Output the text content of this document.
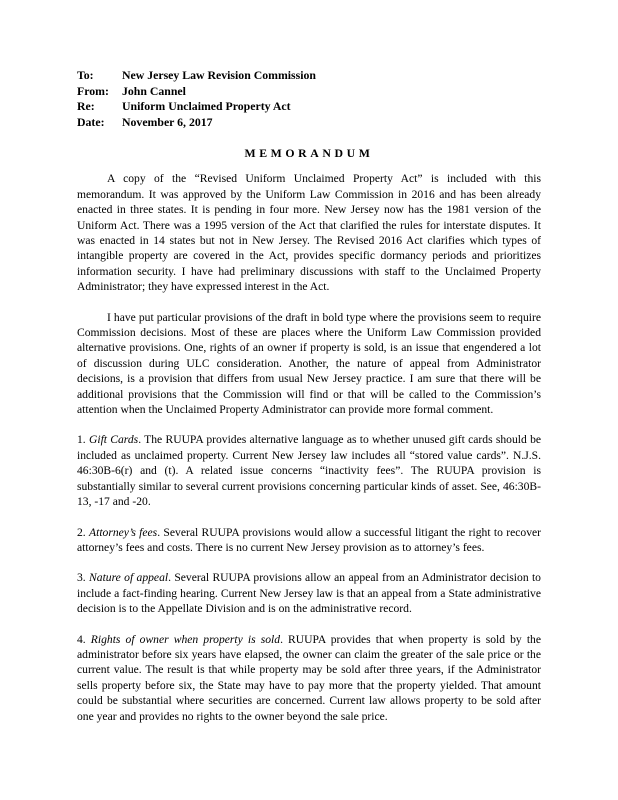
To:	New Jersey Law Revision Commission
From:	John Cannel
Re:	Uniform Unclaimed Property Act
Date:	November 6, 2017
MEMORANDUM

A copy of the “Revised Uniform Unclaimed Property Act” is included with this memorandum. It was approved by the Uniform Law Commission in 2016 and has been already enacted in three states. It is pending in four more. New Jersey now has the 1981 version of the Uniform Act. There was a 1995 version of the Act that clarified the rules for interstate disputes. It was enacted in 14 states but not in New Jersey. The Revised 2016 Act clarifies which types of intangible property are covered in the Act, provides specific dormancy periods and prioritizes information security. I have had preliminary discussions with staff to the Unclaimed Property Administrator; they have expressed interest in the Act.

I have put particular provisions of the draft in bold type where the provisions seem to require Commission decisions. Most of these are places where the Uniform Law Commission provided alternative provisions. One, rights of an owner if property is sold, is an issue that engendered a lot of discussion during ULC consideration. Another, the nature of appeal from Administrator decisions, is a provision that differs from usual New Jersey practice. I am sure that there will be additional provisions that the Commission will find or that will be called to the Commission’s attention when the Unclaimed Property Administrator can provide more formal comment.

1. Gift Cards. The RUUPA provides alternative language as to whether unused gift cards should be included as unclaimed property. Current New Jersey law includes all “stored value cards”. N.J.S. 46:30B-6(r) and (t). A related issue concerns “inactivity fees”. The RUUPA provision is substantially similar to several current provisions concerning particular kinds of asset. See, 46:30B-13, -17 and -20.

2. Attorney’s fees. Several RUUPA provisions would allow a successful litigant the right to recover attorney’s fees and costs. There is no current New Jersey provision as to attorney’s fees.

3. Nature of appeal. Several RUUPA provisions allow an appeal from an Administrator decision to include a fact-finding hearing. Current New Jersey law is that an appeal from a State administrative decision is to the Appellate Division and is on the administrative record.

4. Rights of owner when property is sold. RUUPA provides that when property is sold by the administrator before six years have elapsed, the owner can claim the greater of the sale price or the current value. The result is that while property may be sold after three years, if the Administrator sells property before six, the State may have to pay more that the property yielded. That amount could be substantial where securities are concerned. Current law allows property to be sold after one year and provides no rights to the owner beyond the sale price.
